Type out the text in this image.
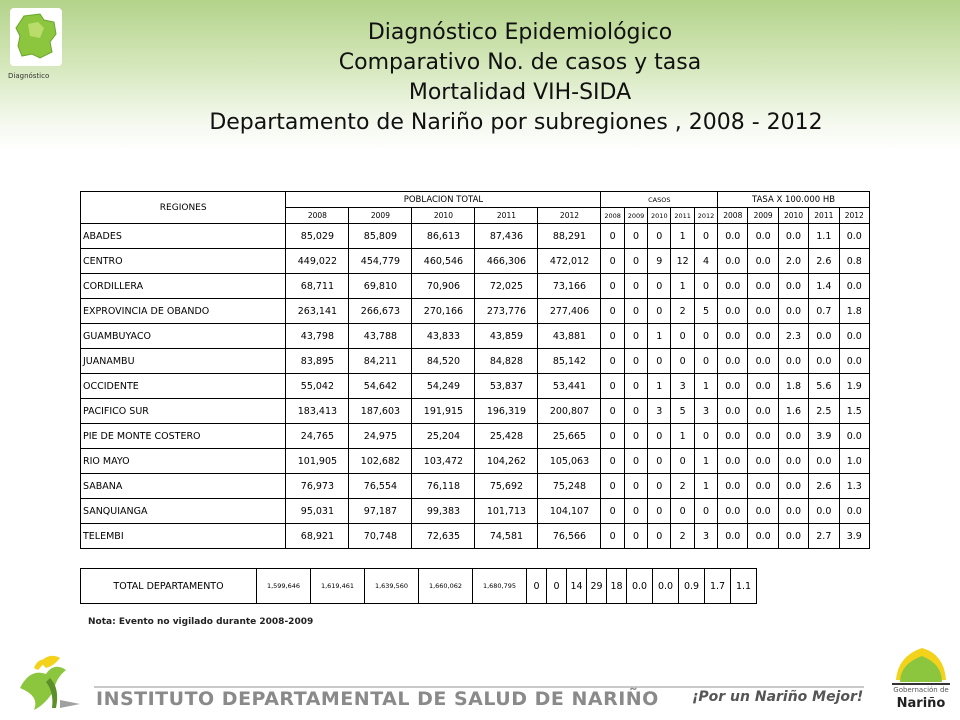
Diagnóstico
Diagnóstico Epidemiológico
Comparativo No. de casos y tasa
Mortalidad VIH-SIDA
Departamento de Nariño por subregiones , 2008 - 2012
REGIONES	POBLACION TOTAL					CASOS					TASA X 100.000 HB				
	2008	2009	2010	2011	2012	2008	2009	2010	2011	2012	2008	2009	2010	2011	2012
ABADES	85,029	85,809	86,613	87,436	88,291	0	0	0	1	0	0.0	0.0	0.0	1.1	0.0
CENTRO	449,022	454,779	460,546	466,306	472,012	0	0	9	12	4	0.0	0.0	2.0	2.6	0.8
CORDILLERA	68,711	69,810	70,906	72,025	73,166	0	0	0	1	0	0.0	0.0	0.0	1.4	0.0
EXPROVINCIA DE OBANDO	263,141	266,673	270,166	273,776	277,406	0	0	0	2	5	0.0	0.0	0.0	0.7	1.8
GUAMBUYACO	43,798	43,788	43,833	43,859	43,881	0	0	1	0	0	0.0	0.0	2.3	0.0	0.0
JUANAMBU	83,895	84,211	84,520	84,828	85,142	0	0	0	0	0	0.0	0.0	0.0	0.0	0.0
OCCIDENTE	55,042	54,642	54,249	53,837	53,441	0	0	1	3	1	0.0	0.0	1.8	5.6	1.9
PACIFICO SUR	183,413	187,603	191,915	196,319	200,807	0	0	3	5	3	0.0	0.0	1.6	2.5	1.5
PIE DE MONTE COSTERO	24,765	24,975	25,204	25,428	25,665	0	0	0	1	0	0.0	0.0	0.0	3.9	0.0
RIO MAYO	101,905	102,682	103,472	104,262	105,063	0	0	0	0	1	0.0	0.0	0.0	0.0	1.0
SABANA	76,973	76,554	76,118	75,692	75,248	0	0	0	2	1	0.0	0.0	0.0	2.6	1.3
SANQUIANGA	95,031	97,187	99,383	101,713	104,107	0	0	0	0	0	0.0	0.0	0.0	0.0	0.0
TELEMBI	68,921	70,748	72,635	74,581	76,566	0	0	0	2	3	0.0	0.0	0.0	2.7	3.9
TOTAL DEPARTAMENTO	1,599,646	1,619,461	1,639,560	1,660,062	1,680,795	0	0	14	29	18	0.0	0.0	0.9	1.7	1.1
Nota: Evento no vigilado durante 2008-2009
INSTITUTO DEPARTAMENTAL DE SALUD DE NARIÑO ¡Por un Nariño Mejor!	Gobernación de
Nariño
